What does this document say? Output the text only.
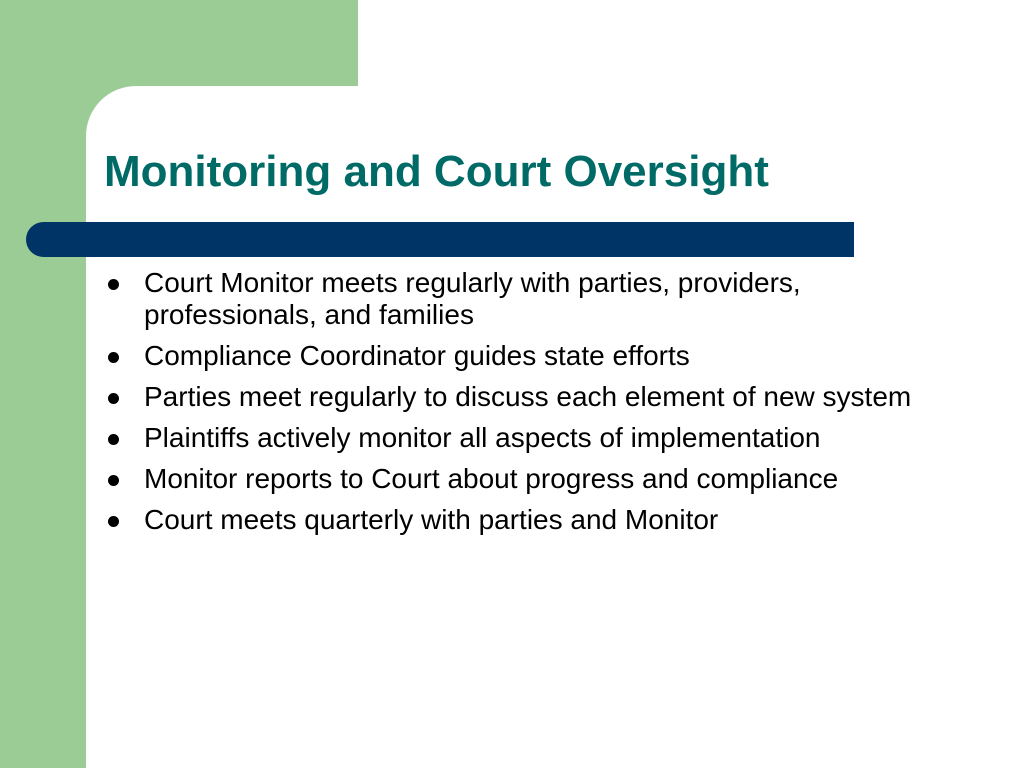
Monitoring and Court Oversight
Court Monitor meets regularly with parties, providers, professionals, and families
Compliance Coordinator guides state efforts
Parties meet regularly to discuss each element of new system
Plaintiffs actively monitor all aspects of implementation
Monitor reports to Court about progress and compliance
Court meets quarterly with parties and Monitor
